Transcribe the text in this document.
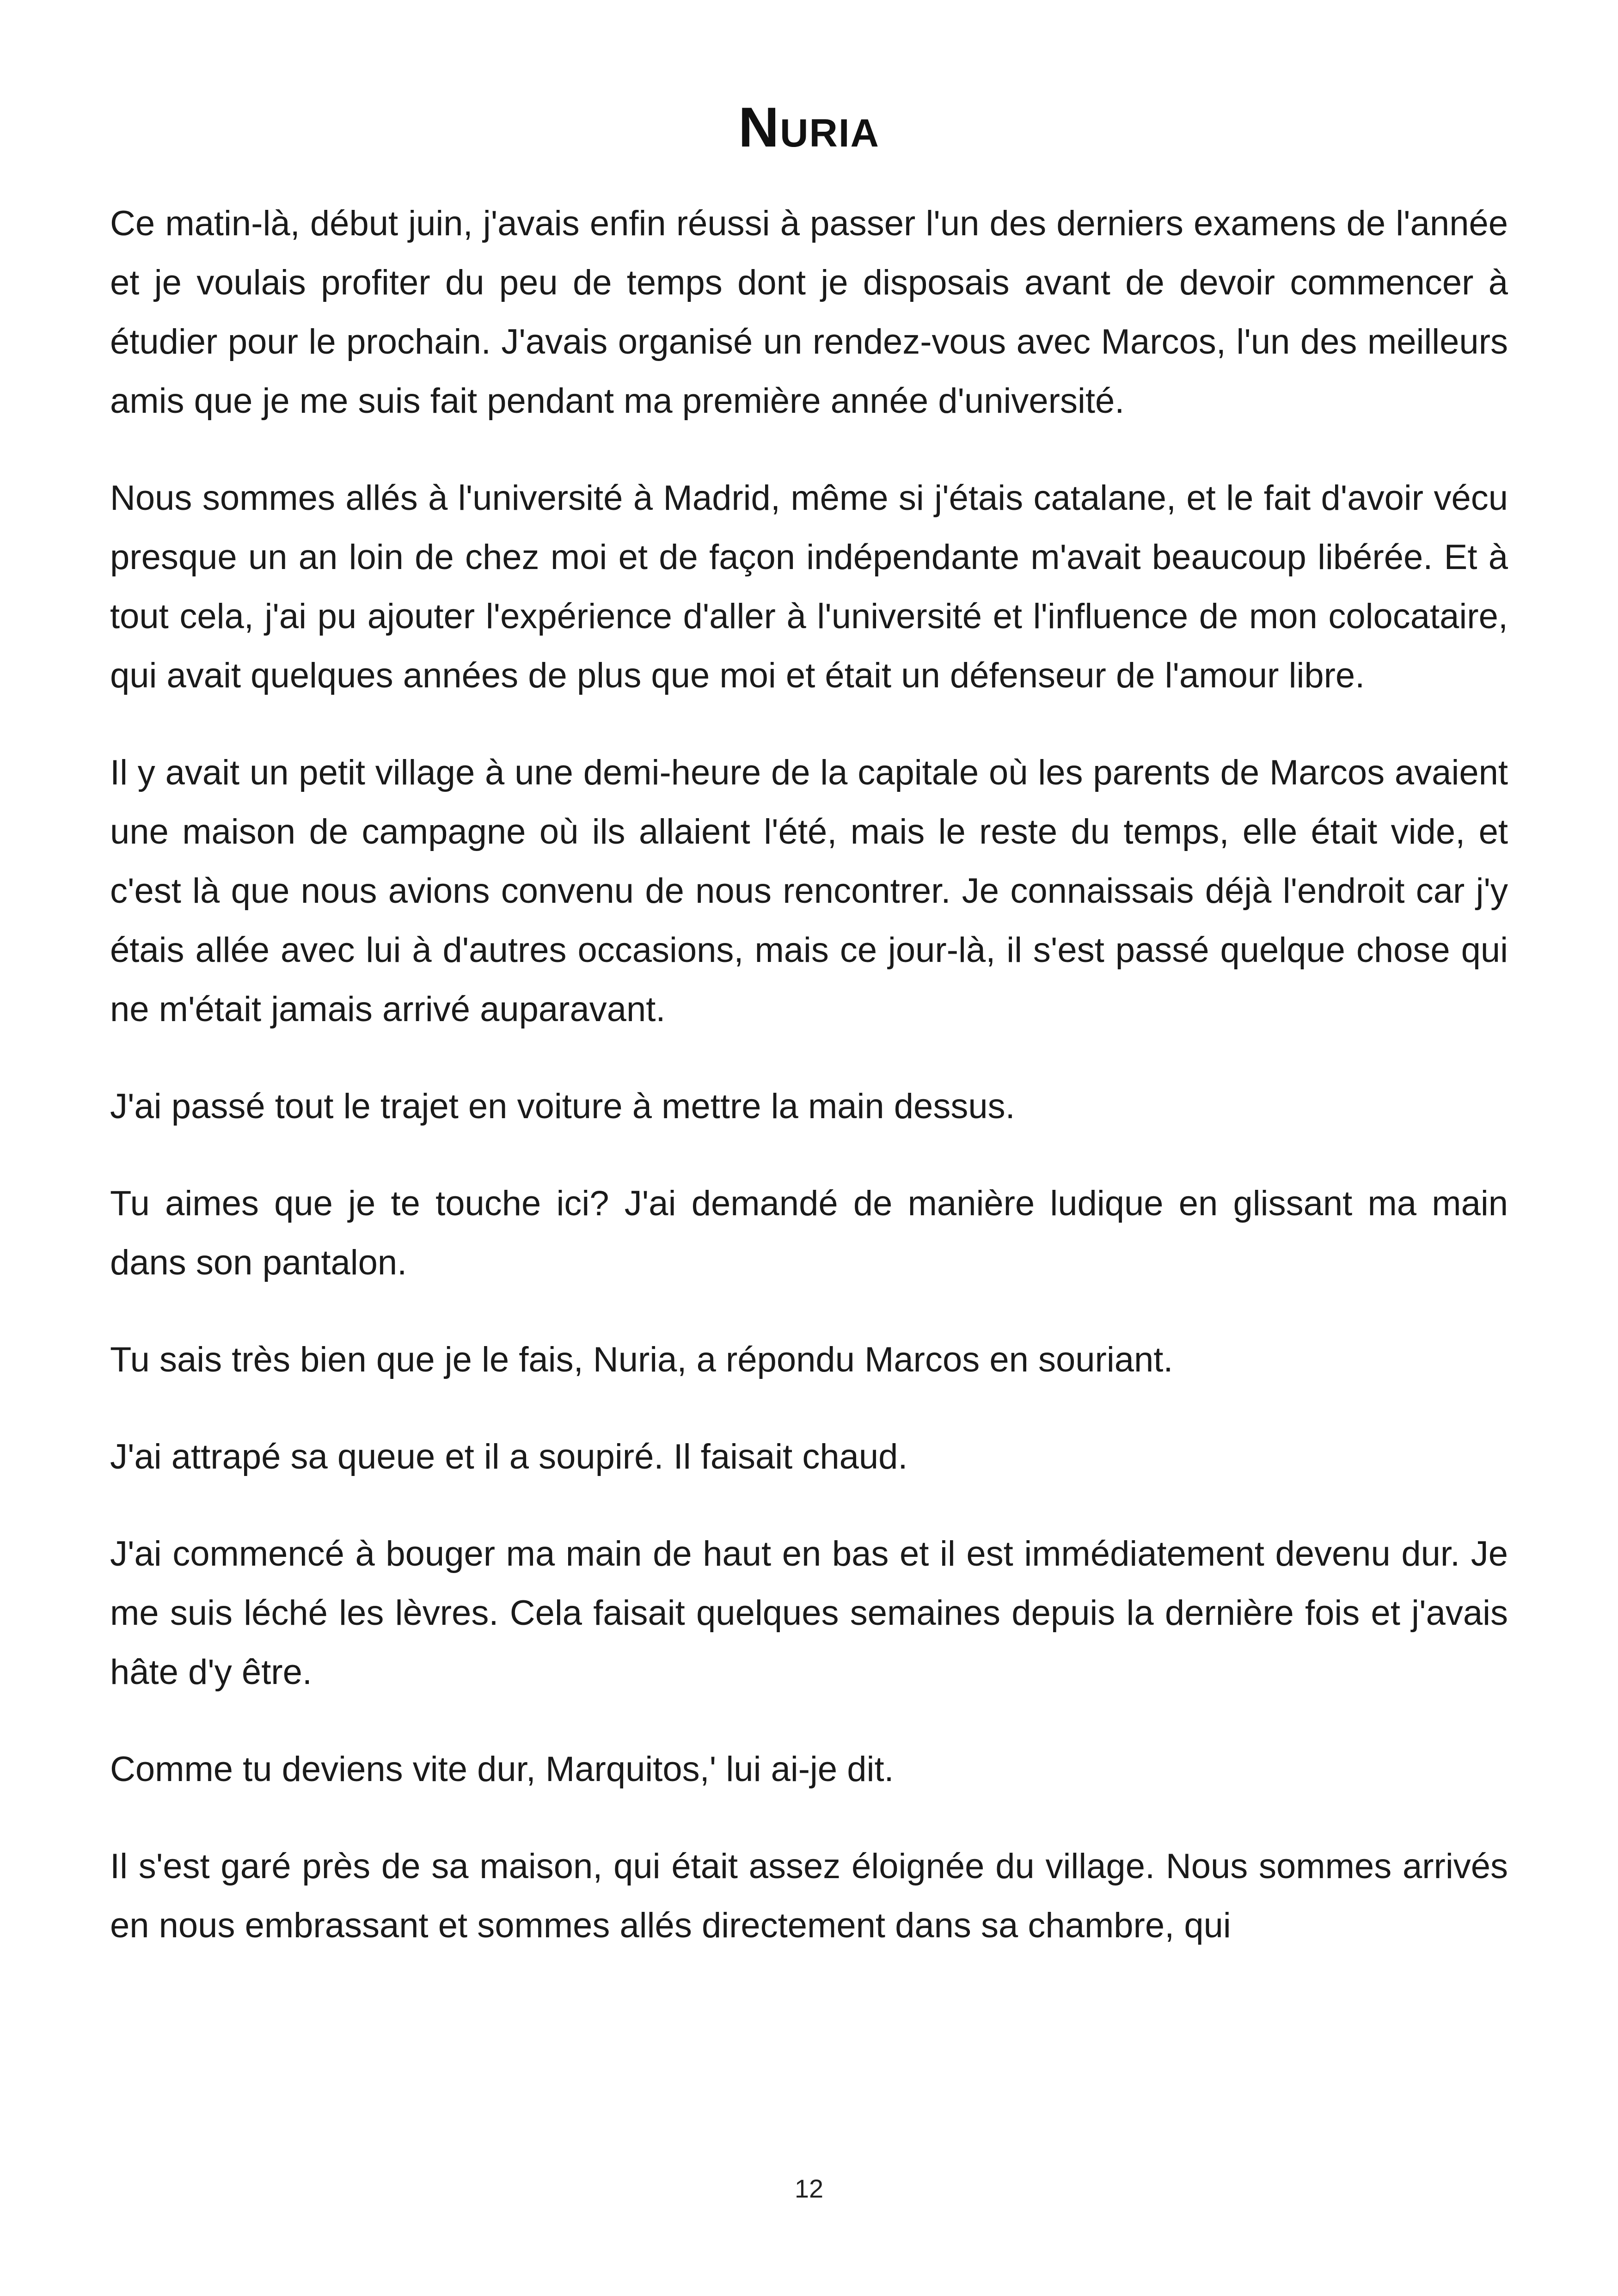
Nuria

Ce matin-là, début juin, j'avais enfin réussi à passer l'un des derniers examens de l'année et je voulais profiter du peu de temps dont je disposais avant de devoir commencer à étudier pour le prochain. J'avais organisé un rendez-vous avec Marcos, l'un des meilleurs amis que je me suis fait pendant ma première année d'université.

Nous sommes allés à l'université à Madrid, même si j'étais catalane, et le fait d'avoir vécu presque un an loin de chez moi et de façon indépendante m'avait beaucoup libérée. Et à tout cela, j'ai pu ajouter l'expérience d'aller à l'université et l'influence de mon colocataire, qui avait quelques années de plus que moi et était un défenseur de l'amour libre.

Il y avait un petit village à une demi-heure de la capitale où les parents de Marcos avaient une maison de campagne où ils allaient l'été, mais le reste du temps, elle était vide, et c'est là que nous avions convenu de nous rencontrer. Je connaissais déjà l'endroit car j'y étais allée avec lui à d'autres occasions, mais ce jour-là, il s'est passé quelque chose qui ne m'était jamais arrivé auparavant.

J'ai passé tout le trajet en voiture à mettre la main dessus.

Tu aimes que je te touche ici? J'ai demandé de manière ludique en glissant ma main dans son pantalon.

Tu sais très bien que je le fais, Nuria, a répondu Marcos en souriant.

J'ai attrapé sa queue et il a soupiré. Il faisait chaud.

J'ai commencé à bouger ma main de haut en bas et il est immédiatement devenu dur. Je me suis léché les lèvres. Cela faisait quelques semaines depuis la dernière fois et j'avais hâte d'y être.

Comme tu deviens vite dur, Marquitos,' lui ai-je dit.

Il s'est garé près de sa maison, qui était assez éloignée du village. Nous sommes arrivés en nous embrassant et sommes allés directement dans sa chambre, qui

12
